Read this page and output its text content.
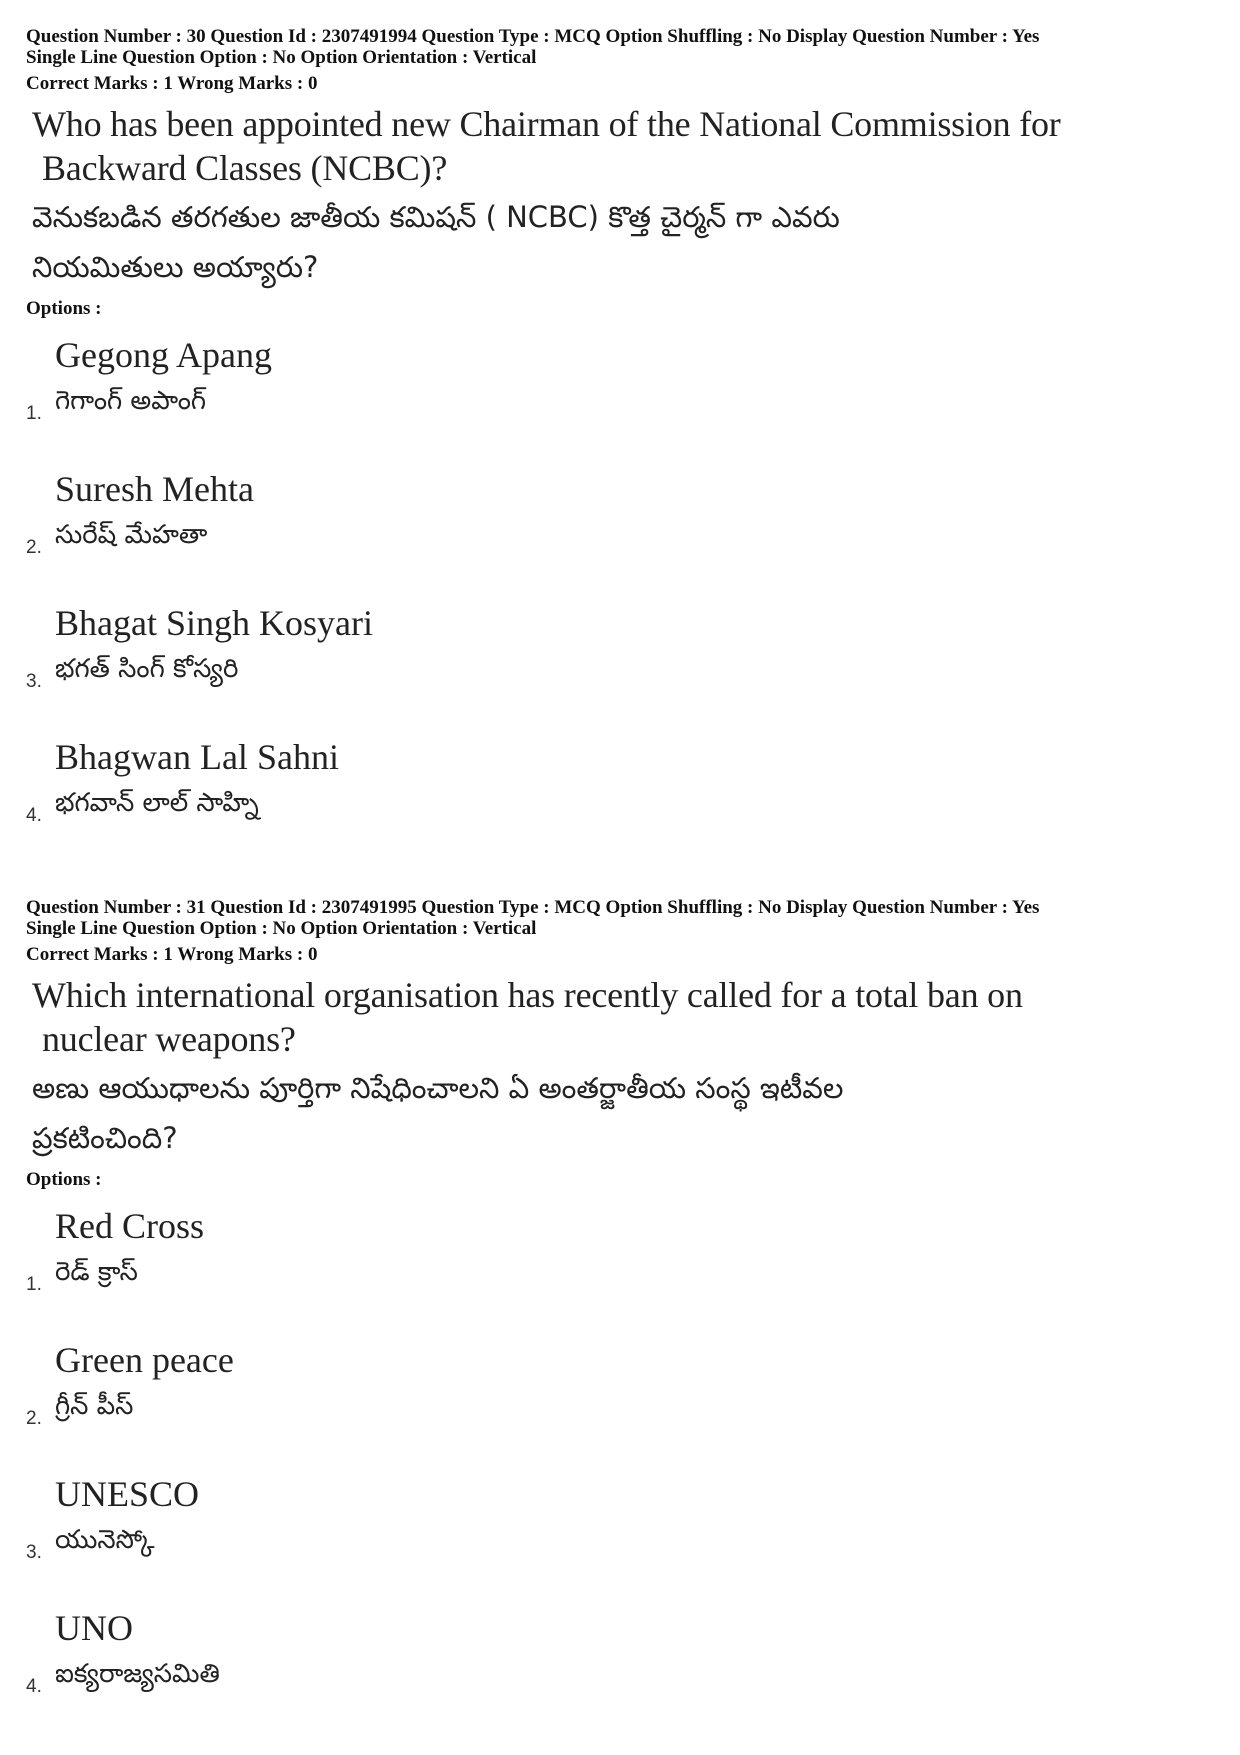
Question Number : 30 Question Id : 2307491994 Question Type : MCQ Option Shuffling : No Display Question Number : Yes
Single Line Question Option : No Option Orientation : Vertical

Correct Marks : 1 Wrong Marks : 0

Who has been appointed new Chairman of the National Commission for
Backward Classes (NCBC)?

వెనుకబడిన తరగతుల జాతీయ కమిషన్ ( NCBC) కొత్త చైర్మన్ గా ఎవరు
నియమితులు అయ్యారు?

Options :

Gegong Apang
గెగాంగ్ అపాంగ్
1.
Suresh Mehta
సురేష్ మేహతా
2.
Bhagat Singh Kosyari
భగత్ సింగ్ కోస్యరి
3.
Bhagwan Lal Sahni
భగవాన్ లాల్ సాహ్ని
4.

Question Number : 31 Question Id : 2307491995 Question Type : MCQ Option Shuffling : No Display Question Number : Yes
Single Line Question Option : No Option Orientation : Vertical

Correct Marks : 1 Wrong Marks : 0

Which international organisation has recently called for a total ban on
nuclear weapons?

అణు ఆయుధాలను పూర్తిగా నిషేధించాలని ఏ అంతర్జాతీయ సంస్థ ఇటీవల
ప్రకటించింది?

Options :

Red Cross
రెడ్ క్రాస్
1.
Green peace
గ్రీన్ పీస్
2.
UNESCO
యునెస్కో
3.
UNO
ఐక్యరాజ్యసమితి
4.
